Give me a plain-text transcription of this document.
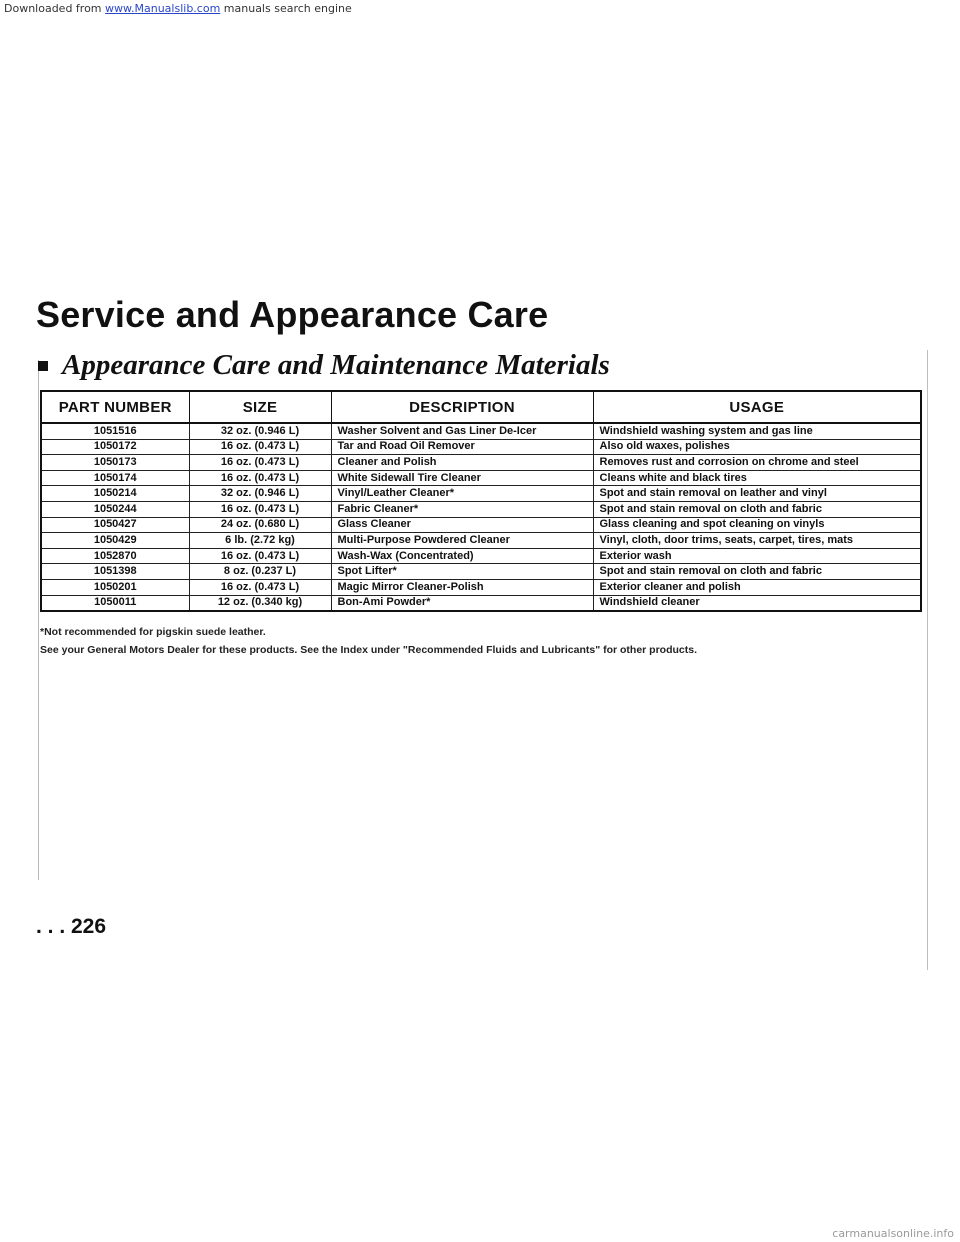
Downloaded from www.Manualslib.com manuals search engine
Service and Appearance Care
Appearance Care and Maintenance Materials
PART NUMBER	SIZE	DESCRIPTION	USAGE
1051516	32 oz. (0.946 L)	Washer Solvent and Gas Liner De-Icer	Windshield washing system and gas line
1050172	16 oz. (0.473 L)	Tar and Road Oil Remover	Also old waxes, polishes
1050173	16 oz. (0.473 L)	Cleaner and Polish	Removes rust and corrosion on chrome and steel
1050174	16 oz. (0.473 L)	White Sidewall Tire Cleaner	Cleans white and black tires
1050214	32 oz. (0.946 L)	Vinyl/Leather Cleaner*	Spot and stain removal on leather and vinyl
1050244	16 oz. (0.473 L)	Fabric Cleaner*	Spot and stain removal on cloth and fabric
1050427	24 oz. (0.680 L)	Glass Cleaner	Glass cleaning and spot cleaning on vinyls
1050429	6 lb. (2.72 kg)	Multi-Purpose Powdered Cleaner	Vinyl, cloth, door trims, seats, carpet, tires, mats
1052870	16 oz. (0.473 L)	Wash-Wax (Concentrated)	Exterior wash
1051398	8 oz. (0.237 L)	Spot Lifter*	Spot and stain removal on cloth and fabric
1050201	16 oz. (0.473 L)	Magic Mirror Cleaner-Polish	Exterior cleaner and polish
1050011	12 oz. (0.340 kg)	Bon-Ami Powder*	Windshield cleaner

*Not recommended for pigskin suede leather.

See your General Motors Dealer for these products. See the Index under "Recommended Fluids and Lubricants" for other products.

. . . 226

carmanualsonline.info
